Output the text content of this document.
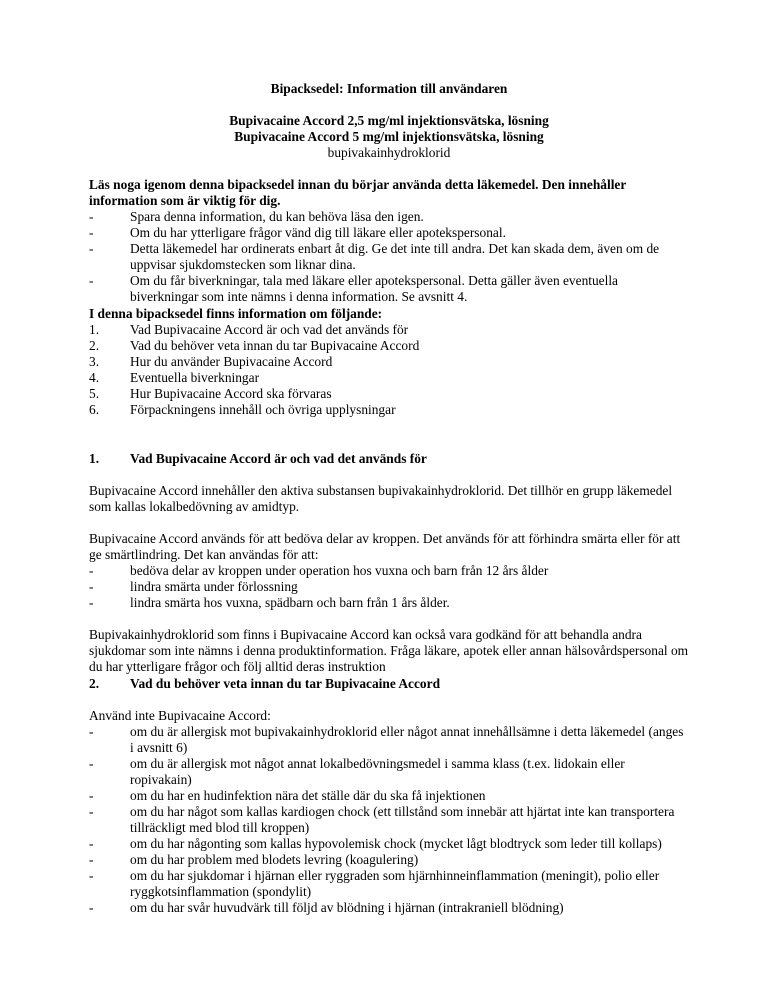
Bipacksedel: Information till användaren
Bupivacaine Accord 2,5 mg/ml injektionsvätska, lösning
Bupivacaine Accord 5 mg/ml injektionsvätska, lösning
bupivakainhydroklorid
Läs noga igenom denna bipacksedel innan du börjar använda detta läkemedel. Den innehåller information som är viktig för dig.
-	Spara denna information, du kan behöva läsa den igen.
-	Om du har ytterligare frågor vänd dig till läkare eller apotekspersonal.
-	Detta läkemedel har ordinerats enbart åt dig. Ge det inte till andra. Det kan skada dem, även om de uppvisar sjukdomstecken som liknar dina.
-	Om du får biverkningar, tala med läkare eller apotekspersonal. Detta gäller även eventuella biverkningar som inte nämns i denna information. Se avsnitt 4.
I denna bipacksedel finns information om följande:
1. Vad Bupivacaine Accord är och vad det används för
2. Vad du behöver veta innan du tar Bupivacaine Accord
3. Hur du använder Bupivacaine Accord
4. Eventuella biverkningar
5. Hur Bupivacaine Accord ska förvaras
6. Förpackningens innehåll och övriga upplysningar
1. Vad Bupivacaine Accord är och vad det används för
Bupivacaine Accord innehåller den aktiva substansen bupivakainhydroklorid. Det tillhör en grupp läkemedel som kallas lokalbedövning av amidtyp.
Bupivacaine Accord används för att bedöva delar av kroppen. Det används för att förhindra smärta eller för att ge smärtlindring. Det kan användas för att:
-	bedöva delar av kroppen under operation hos vuxna och barn från 12 års ålder
-	lindra smärta under förlossning
-	lindra smärta hos vuxna, spädbarn och barn från 1 års ålder.
Bupivakainhydroklorid som finns i Bupivacaine Accord kan också vara godkänd för att behandla andra sjukdomar som inte nämns i denna produktinformation. Fråga läkare, apotek eller annan hälsovårdspersonal om du har ytterligare frågor och följ alltid deras instruktion
2. Vad du behöver veta innan du tar Bupivacaine Accord
Använd inte Bupivacaine Accord:
-	om du är allergisk mot bupivakainhydroklorid eller något annat innehållsämne i detta läkemedel (anges i avsnitt 6)
-	om du är allergisk mot något annat lokalbedövningsmedel i samma klass (t.ex. lidokain eller ropivakain)
-	om du har en hudinfektion nära det ställe där du ska få injektionen
-	om du har något som kallas kardiogen chock (ett tillstånd som innebär att hjärtat inte kan transportera tillräckligt med blod till kroppen)
-	om du har någonting som kallas hypovolemisk chock (mycket lågt blodtryck som leder till kollaps)
-	om du har problem med blodets levring (koagulering)
-	om du har sjukdomar i hjärnan eller ryggraden som hjärnhinneinflammation (meningit), polio eller ryggkotsinflammation (spondylit)
-	om du har svår huvudvärk till följd av blödning i hjärnan (intrakraniell blödning)
